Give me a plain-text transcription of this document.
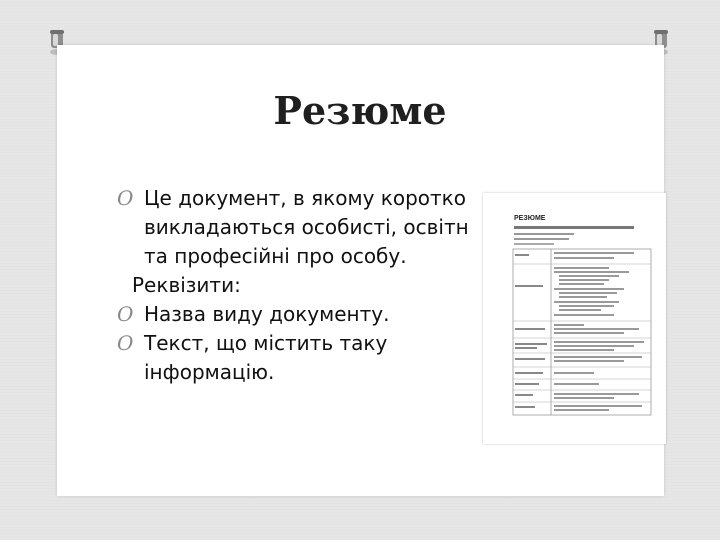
Резюме
O Це документ, в якому коротко
викладаються особисті, освітн
та професійні про особу.
Реквізити:
O Назва виду документу.
O Текст, що містить таку
інформацію.
РЕЗЮМЕ
